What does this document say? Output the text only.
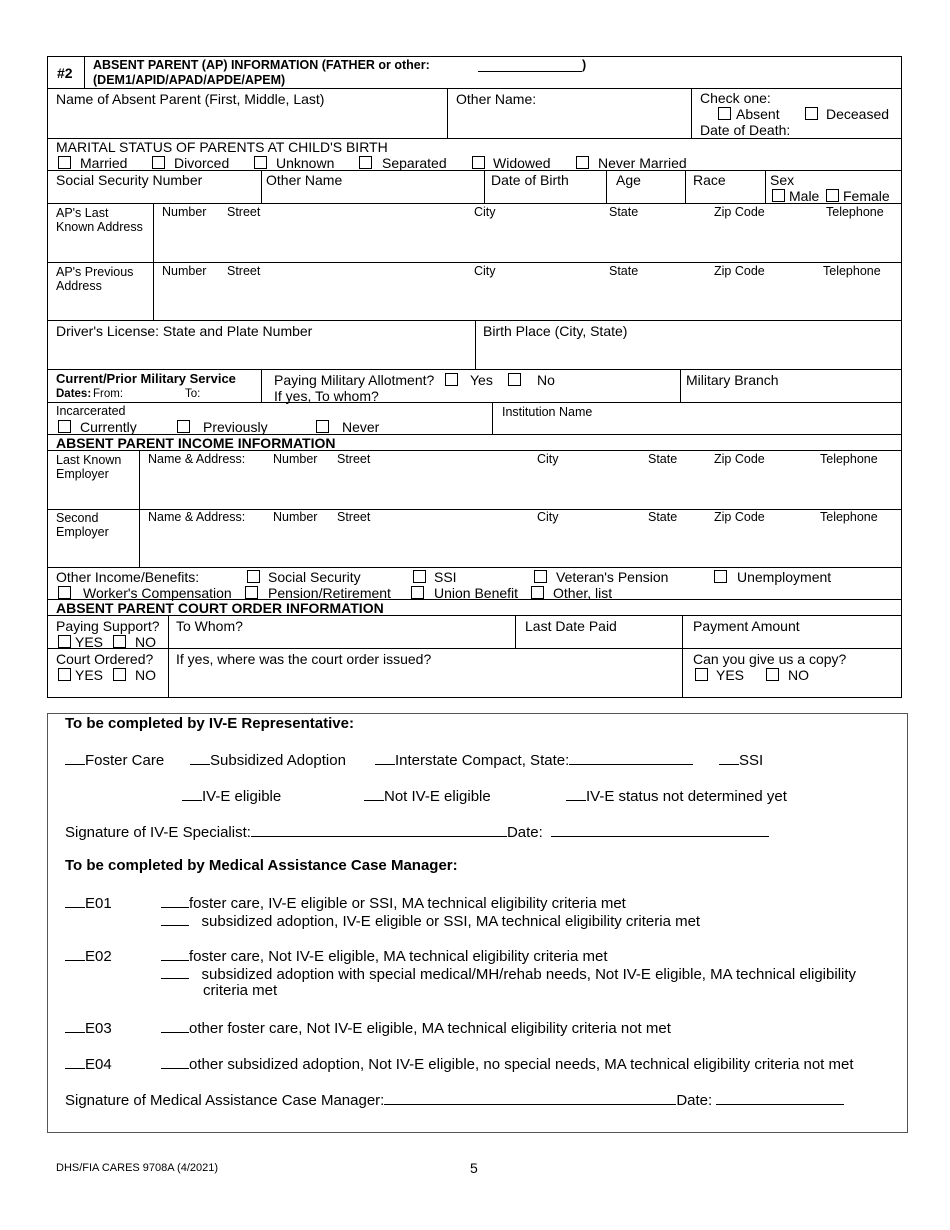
#2 ABSENT PARENT (AP) INFORMATION (FATHER or other:	)
(DEM1/APID/APAD/APDE/APEM)
Name of Absent Parent (First, Middle, Last)	Other Name:	Check one:
Absent	Deceased
Date of Death:
MARITAL STATUS OF PARENTS AT CHILD'S BIRTH
Married	Divorced	Unknown	Separated	Widowed	Never Married
Social Security Number	Other Name	Date of Birth	Age	Race	Sex
Male Female
AP's Last
Known Address
Number Street	City	State	Zip Code	Telephone
AP's Previous
Address
Number Street	City	State	Zip Code	Telephone
Driver's License: State and Plate Number	Birth Place (City, State)
Current/Prior Military Service
Dates: From:	To:
Paying Military Allotment?	Yes	No
If yes, To whom?
Military Branch
Incarcerated
Currently	Previously	Never
Institution Name
ABSENT PARENT INCOME INFORMATION
Last Known
Employer
Name & Address: Number Street	City	State	Zip Code	Telephone
Second
Employer
Name & Address: Number Street	City	State	Zip Code	Telephone
Other Income/Benefits:	Social Security	SSI	Veteran's Pension	Unemployment
Worker's Compensation	Pension/Retirement	Union Benefit Other, list
ABSENT PARENT COURT ORDER INFORMATION
Paying Support?
YES NO
To Whom?	Last Date Paid	Payment Amount
Court Ordered?
YES NO
If yes, where was the court order issued?	Can you give us a copy?
YES	NO
To be completed by IV-E Representative:
Foster Care	Subsidized Adoption	Interstate Compact, State:	SSI
IV-E eligible	Not IV-E eligible	IV-E status not determined yet
Signature of IV-E Specialist:	Date:
To be completed by Medical Assistance Case Manager:
E01	foster care, IV-E eligible or SSI, MA technical eligibility criteria met
subsidized adoption, IV-E eligible or SSI, MA technical eligibility criteria met
E02	foster care, Not IV-E eligible, MA technical eligibility criteria met
subsidized adoption with special medical/MH/rehab needs, Not IV-E eligible, MA technical eligibility
criteria met
E03	other foster care, Not IV-E eligible, MA technical eligibility criteria not met
E04	other subsidized adoption, Not IV-E eligible, no special needs, MA technical eligibility criteria not met
Signature of Medical Assistance Case Manager:	Date:
DHS/FIA CARES 9708A (4/2021)	5
